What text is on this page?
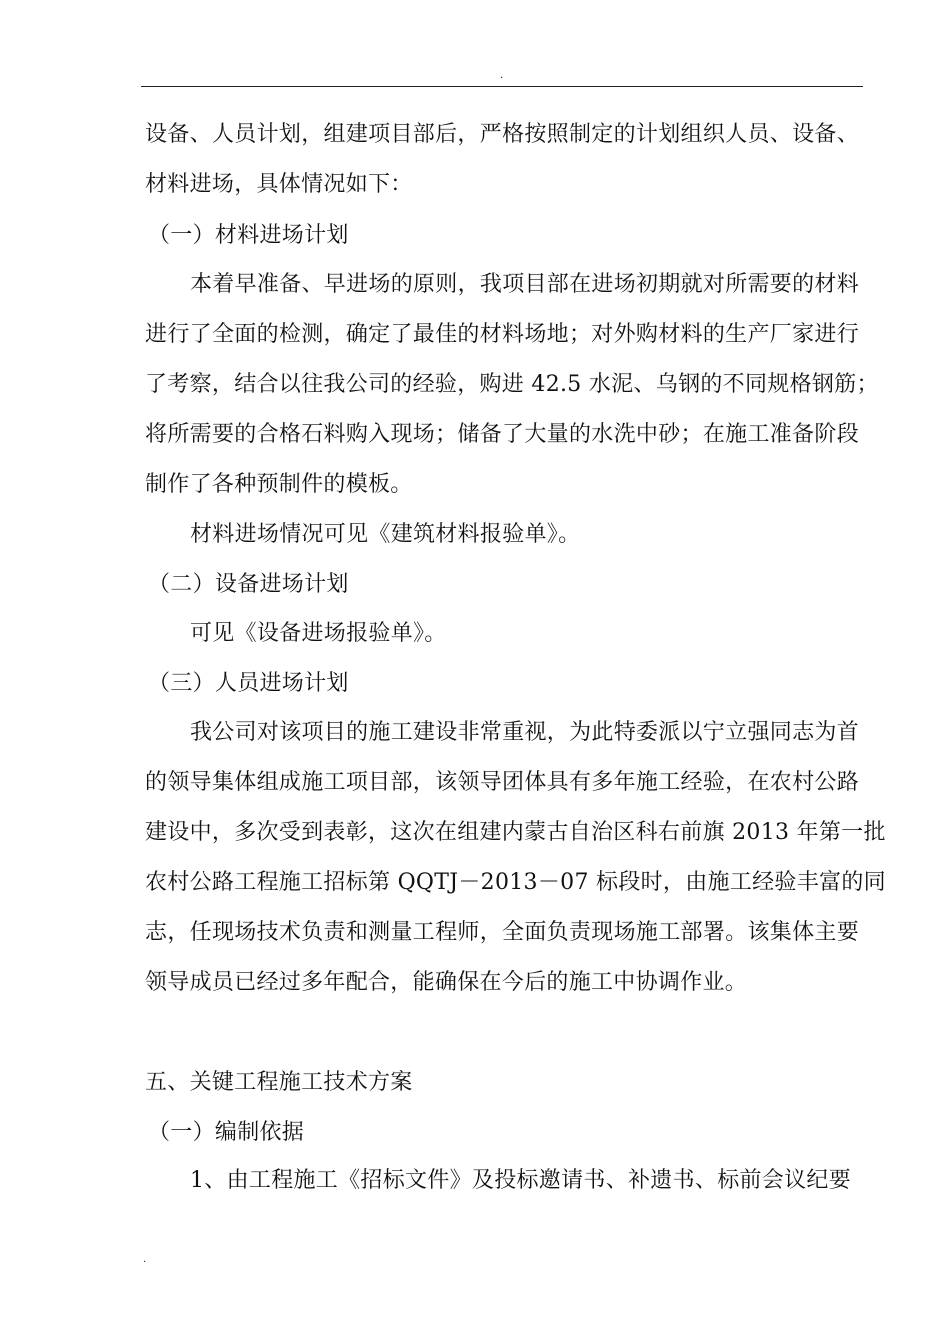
.
设备、人员计划，组建项目部后，严格按照制定的计划组织人员、设备、
材料进场，具体情况如下：
（一）材料进场计划
本着早准备、早进场的原则，我项目部在进场初期就对所需要的材料
进行了全面的检测，确定了最佳的材料场地；对外购材料的生产厂家进行
了考察，结合以往我公司的经验，购进 42.5 水泥、乌钢的不同规格钢筋；
将所需要的合格石料购入现场；储备了大量的水洗中砂；在施工准备阶段
制作了各种预制件的模板。
材料进场情况可见《建筑材料报验单》。
（二）设备进场计划
可见《设备进场报验单》。
（三）人员进场计划
我公司对该项目的施工建设非常重视，为此特委派以宁立强同志为首
的领导集体组成施工项目部，该领导团体具有多年施工经验，在农村公路
建设中，多次受到表彰，这次在组建内蒙古自治区科右前旗 2013 年第一批
农村公路工程施工招标第 QQTJ－2013－07 标段时，由施工经验丰富的同
志，任现场技术负责和测量工程师，全面负责现场施工部署。该集体主要
领导成员已经过多年配合，能确保在今后的施工中协调作业。
五、关键工程施工技术方案
（一）编制依据
1、由工程施工《招标文件》及投标邀请书、补遗书、标前会议纪要
.
